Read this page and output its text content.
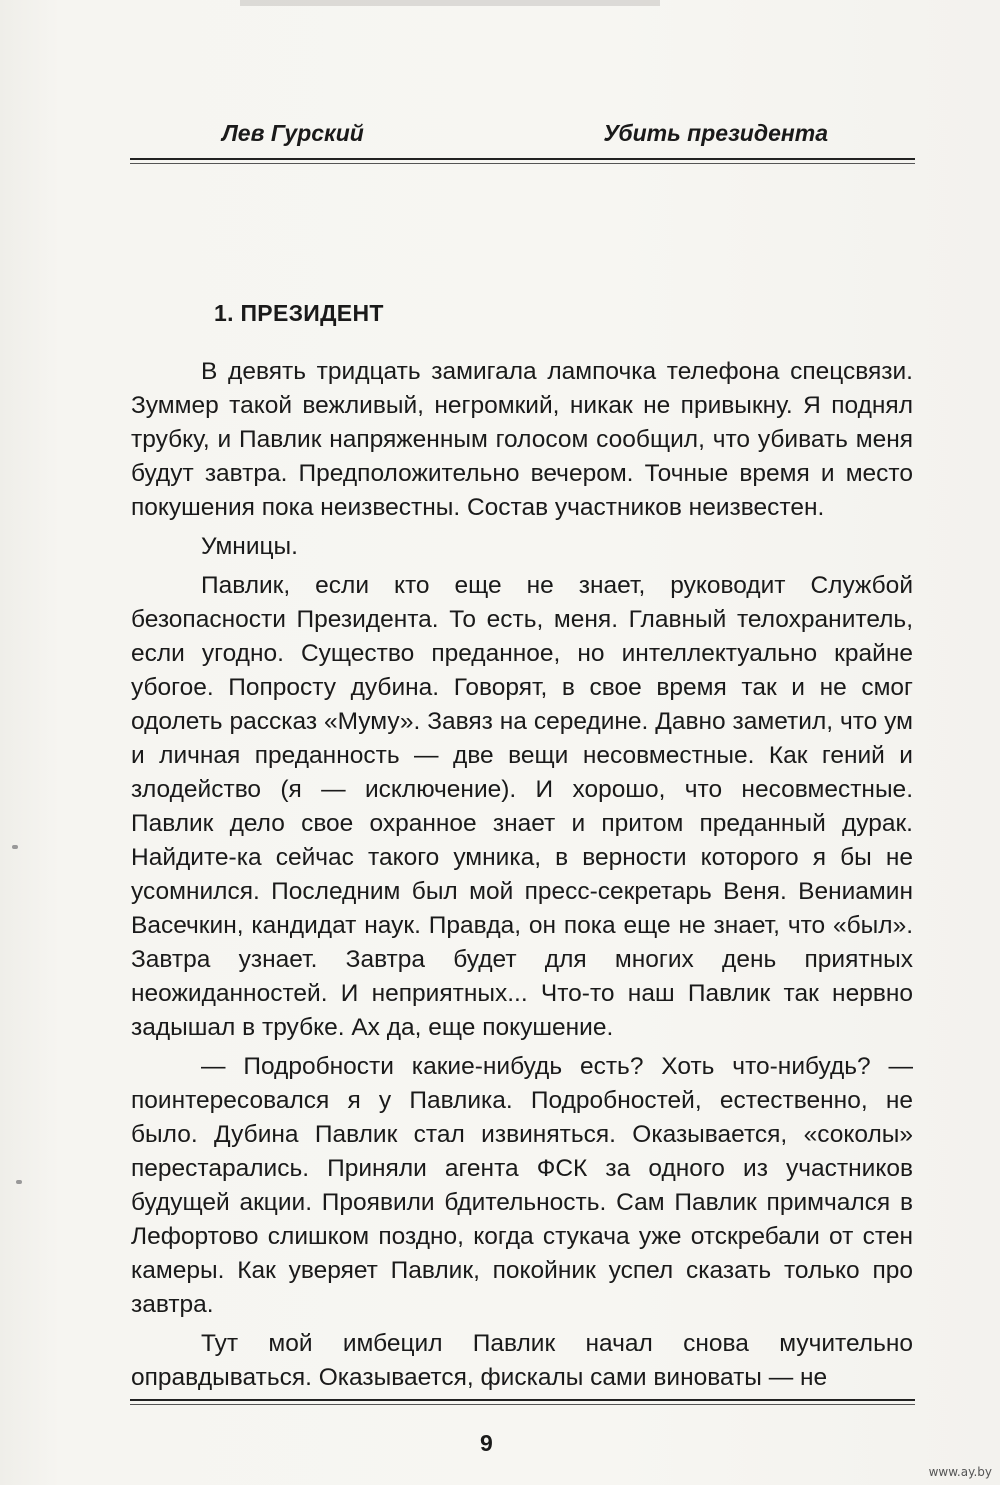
Лев Гурский	Убить президента
1. ПРЕЗИДЕНТ

В девять тридцать замигала лампочка телефона спецсвязи. Зуммер такой вежливый, негромкий, никак не привыкну. Я поднял трубку, и Павлик напряженным голосом сообщил, что убивать меня будут завтра. Предположительно вечером. Точные время и место покушения пока неизвестны. Состав участников неизвестен.

Умницы.

Павлик, если кто еще не знает, руководит Службой безопасности Президента. То есть, меня. Главный телохранитель, если угодно. Существо преданное, но интеллектуально крайне убогое. Попросту дубина. Говорят, в свое время так и не смог одолеть рассказ «Муму». Завяз на середине. Давно заметил, что ум и личная преданность — две вещи несовместные. Как гений и злодейство (я — исключение). И хорошо, что несовместные. Павлик дело свое охранное знает и притом преданный дурак. Найдите-ка сейчас такого умника, в верности которого я бы не усомнился. Последним был мой пресс-секретарь Веня. Вениамин Васечкин, кандидат наук. Правда, он пока еще не знает, что «был». Завтра узнает. Завтра будет для многих день приятных неожиданностей. И неприятных... Что-то наш Павлик так нервно задышал в трубке. Ах да, еще покушение.

— Подробности какие-нибудь есть? Хоть что-нибудь? — поинтересовался я у Павлика. Подробностей, естественно, не было. Дубина Павлик стал извиняться. Оказывается, «соколы» перестарались. Приняли агента ФСК за одного из участников будущей акции. Проявили бдительность. Сам Павлик примчался в Лефортово слишком поздно, когда стукача уже отскребали от стен камеры. Как уверяет Павлик, покойник успел сказать только про завтра.

Тут мой имбецил Павлик начал снова мучительно оправдываться. Оказывается, фискалы сами виноваты — не

9
www.ay.by
